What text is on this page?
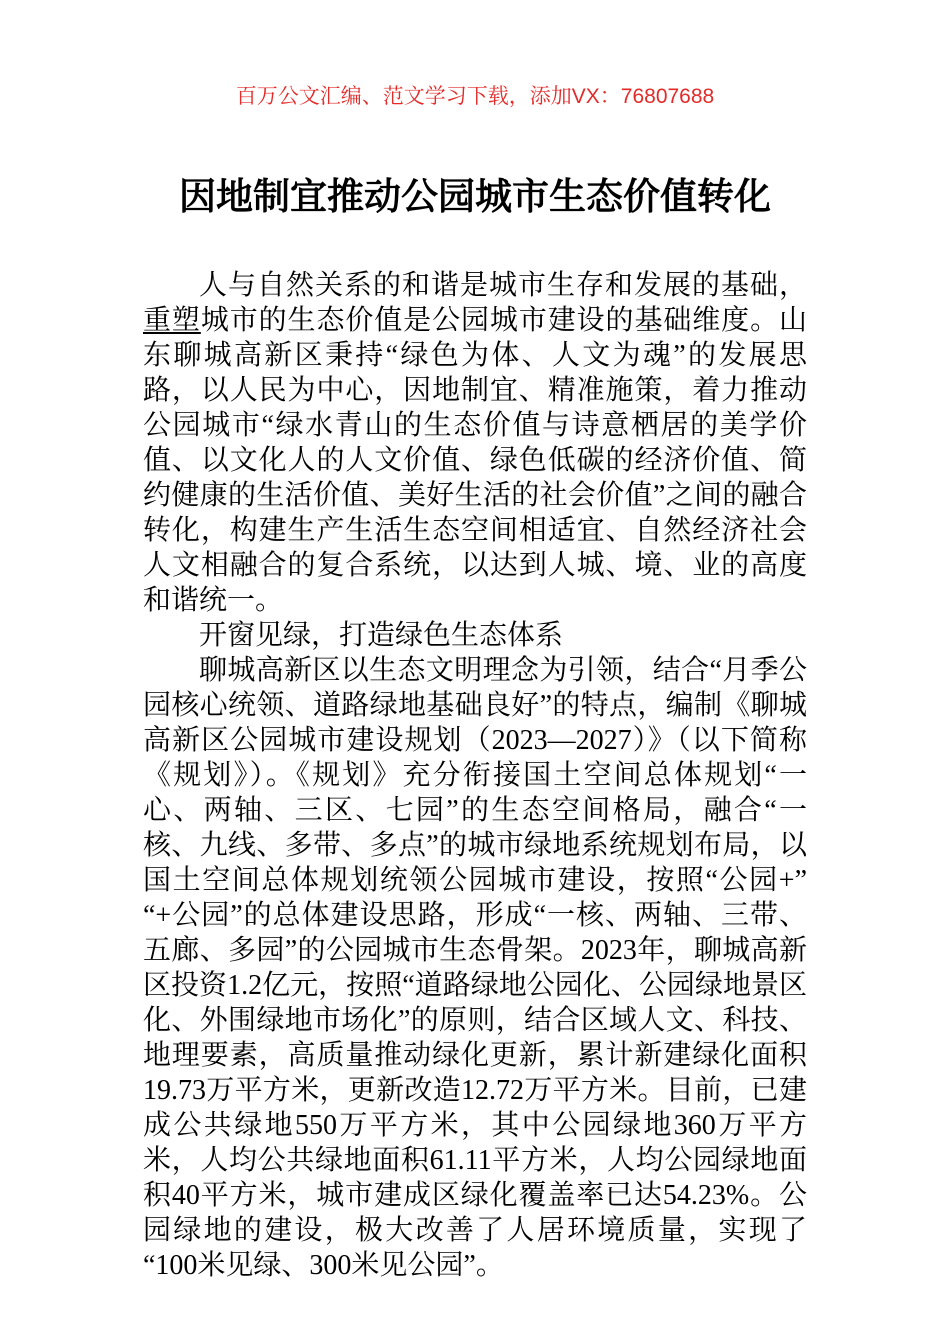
百万公文汇编、范文学习下载，添加VX：76807688
因地制宜推动公园城市生态价值转化

人与自然关系的和谐是城市生存和发展的基础，重塑城市的生态价值是公园城市建设的基础维度。山东聊城高新区秉持“绿色为体、人文为魂”的发展思路，以人民为中心，因地制宜、精准施策，着力推动公园城市“绿水青山的生态价值与诗意栖居的美学价值、以文化人的人文价值、绿色低碳的经济价值、简约健康的生活价值、美好生活的社会价值”之间的融合转化，构建生产生活生态空间相适宜、自然经济社会人文相融合的复合系统，以达到人城、境、业的高度和谐统一。

开窗见绿，打造绿色生态体系

聊城高新区以生态文明理念为引领，结合“月季公园核心统领、道路绿地基础良好”的特点，编制《聊城高新区公园城市建设规划（2023—2027）》（以下简称《规划》）。《规划》充分衔接国土空间总体规划“一心、两轴、三区、七园”的生态空间格局，融合“一核、九线、多带、多点”的城市绿地系统规划布局，以国土空间总体规划统领公园城市建设，按照“公园+”“+公园”的总体建设思路，形成“一核、两轴、三带、五廊、多园”的公园城市生态骨架。2023年，聊城高新区投资1.2亿元，按照“道路绿地公园化、公园绿地景区化、外围绿地市场化”的原则，结合区域人文、科技、地理要素，高质量推动绿化更新，累计新建绿化面积19.73万平方米，更新改造12.72万平方米。目前，已建成公共绿地550万平方米，其中公园绿地360万平方米，人均公共绿地面积61.11平方米，人均公园绿地面积40平方米，城市建成区绿化覆盖率已达54.23%。公园绿地的建设，极大改善了人居环境质量，实现了“100米见绿、300米见公园”。
